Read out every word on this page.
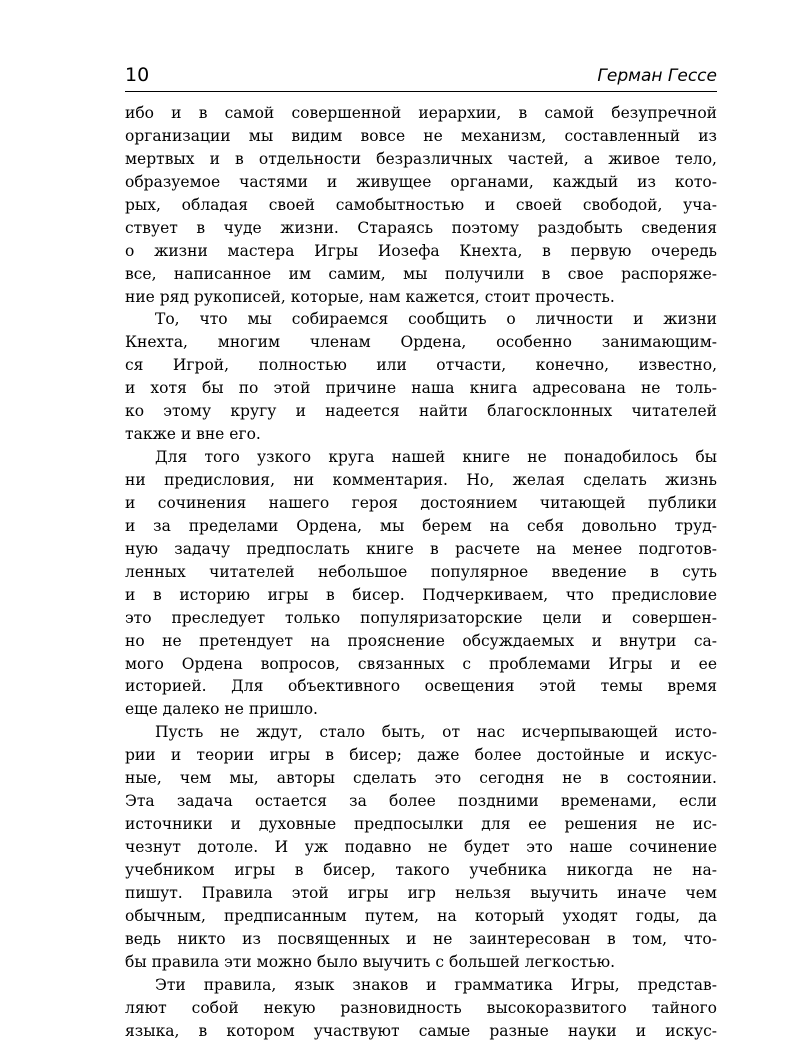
10	Герман Гессе
ибо и в самой совершенной иерархии, в самой безупречной
организации мы видим вовсе не механизм, составленный из
мертвых и в отдельности безразличных частей, а живое тело,
образуемое частями и живущее органами, каждый из кото-
рых, обладая своей самобытностью и своей свободой, уча-
ствует в чуде жизни. Стараясь поэтому раздобыть сведения
о жизни мастера Игры Иозефа Кнехта, в первую очередь
все, написанное им самим, мы получили в свое распоряже-
ние ряд рукописей, которые, нам кажется, стоит прочесть.
То, что мы собираемся сообщить о личности и жизни
Кнехта, многим членам Ордена, особенно занимающим-
ся Игрой, полностью или отчасти, конечно, известно,
и хотя бы по этой причине наша книга адресована не толь-
ко этому кругу и надеется найти благосклонных читателей
также и вне его.
Для того узкого круга нашей книге не понадобилось бы
ни предисловия, ни комментария. Но, желая сделать жизнь
и сочинения нашего героя достоянием читающей публики
и за пределами Ордена, мы берем на себя довольно труд-
ную задачу предпослать книге в расчете на менее подготов-
ленных читателей небольшое популярное введение в суть
и в историю игры в бисер. Подчеркиваем, что предисловие
это преследует только популяризаторские цели и совершен-
но не претендует на прояснение обсуждаемых и внутри са-
мого Ордена вопросов, связанных с проблемами Игры и ее
историей. Для объективного освещения этой темы время
еще далеко не пришло.
Пусть не ждут, стало быть, от нас исчерпывающей исто-
рии и теории игры в бисер; даже более достойные и искус-
ные, чем мы, авторы сделать это сегодня не в состоянии.
Эта задача остается за более поздними временами, если
источники и духовные предпосылки для ее решения не ис-
чезнут дотоле. И уж подавно не будет это наше сочинение
учебником игры в бисер, такого учебника никогда не на-
пишут. Правила этой игры игр нельзя выучить иначе чем
обычным, предписанным путем, на который уходят годы, да
ведь никто из посвященных и не заинтересован в том, что-
бы правила эти можно было выучить с большей легкостью.
Эти правила, язык знаков и грамматика Игры, представ-
ляют собой некую разновидность высокоразвитого тайного
языка, в котором участвуют самые разные науки и искус-
